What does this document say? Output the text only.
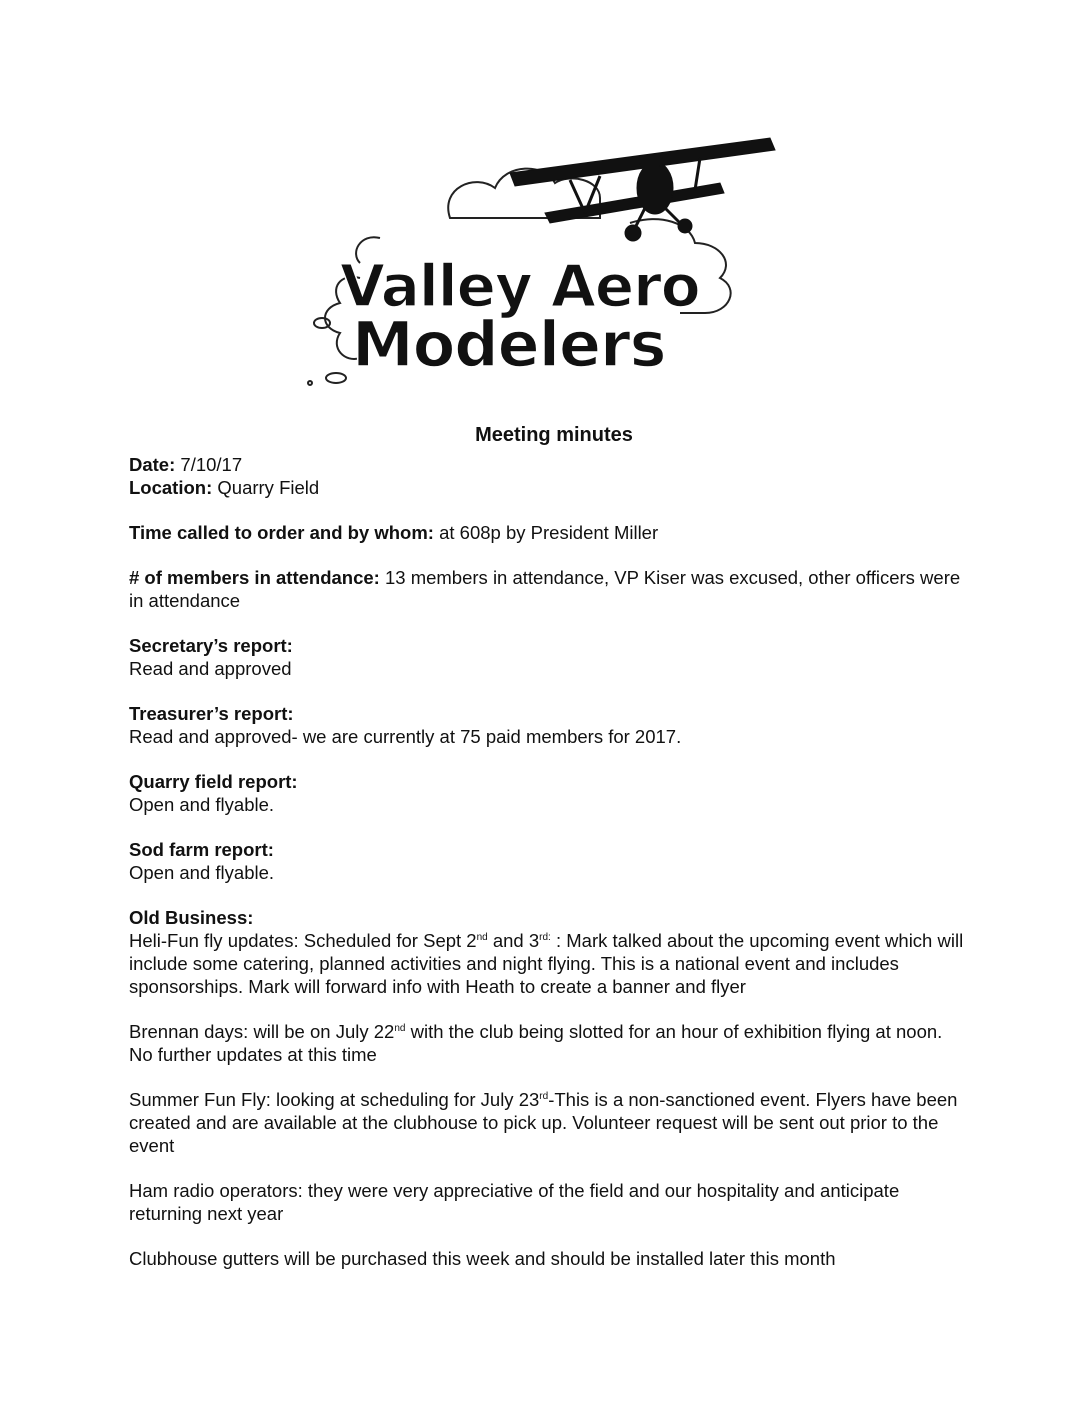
Valley Aero
Modelers
Meeting minutes

Date: 7/10/17

Location: Quarry Field

Time called to order and by whom: at 608p by President Miller

# of members in attendance: 13 members in attendance, VP Kiser was excused, other officers were in attendance

Secretary’s report:

Read and approved

Treasurer’s report:

Read and approved- we are currently at 75 paid members for 2017.

Quarry field report:

Open and flyable.

Sod farm report:

Open and flyable.

Old Business:

Heli-Fun fly updates: Scheduled for Sept 2nd and $3^{rd:}$ : Mark talked about the upcoming event which will include some catering, planned activities and night flying. This is a national event and includes sponsorships. Mark will forward info with Heath to create a banner and flyer

Brennan days: will be on July 22nd with the club being slotted for an hour of exhibition flying at noon. No further updates at this time

Summer Fun Fly: looking at scheduling for July 23rd-This is a non-sanctioned event. Flyers have been created and are available at the clubhouse to pick up. Volunteer request will be sent out prior to the event

Ham radio operators: they were very appreciative of the field and our hospitality and anticipate returning next year

Clubhouse gutters will be purchased this week and should be installed later this month
